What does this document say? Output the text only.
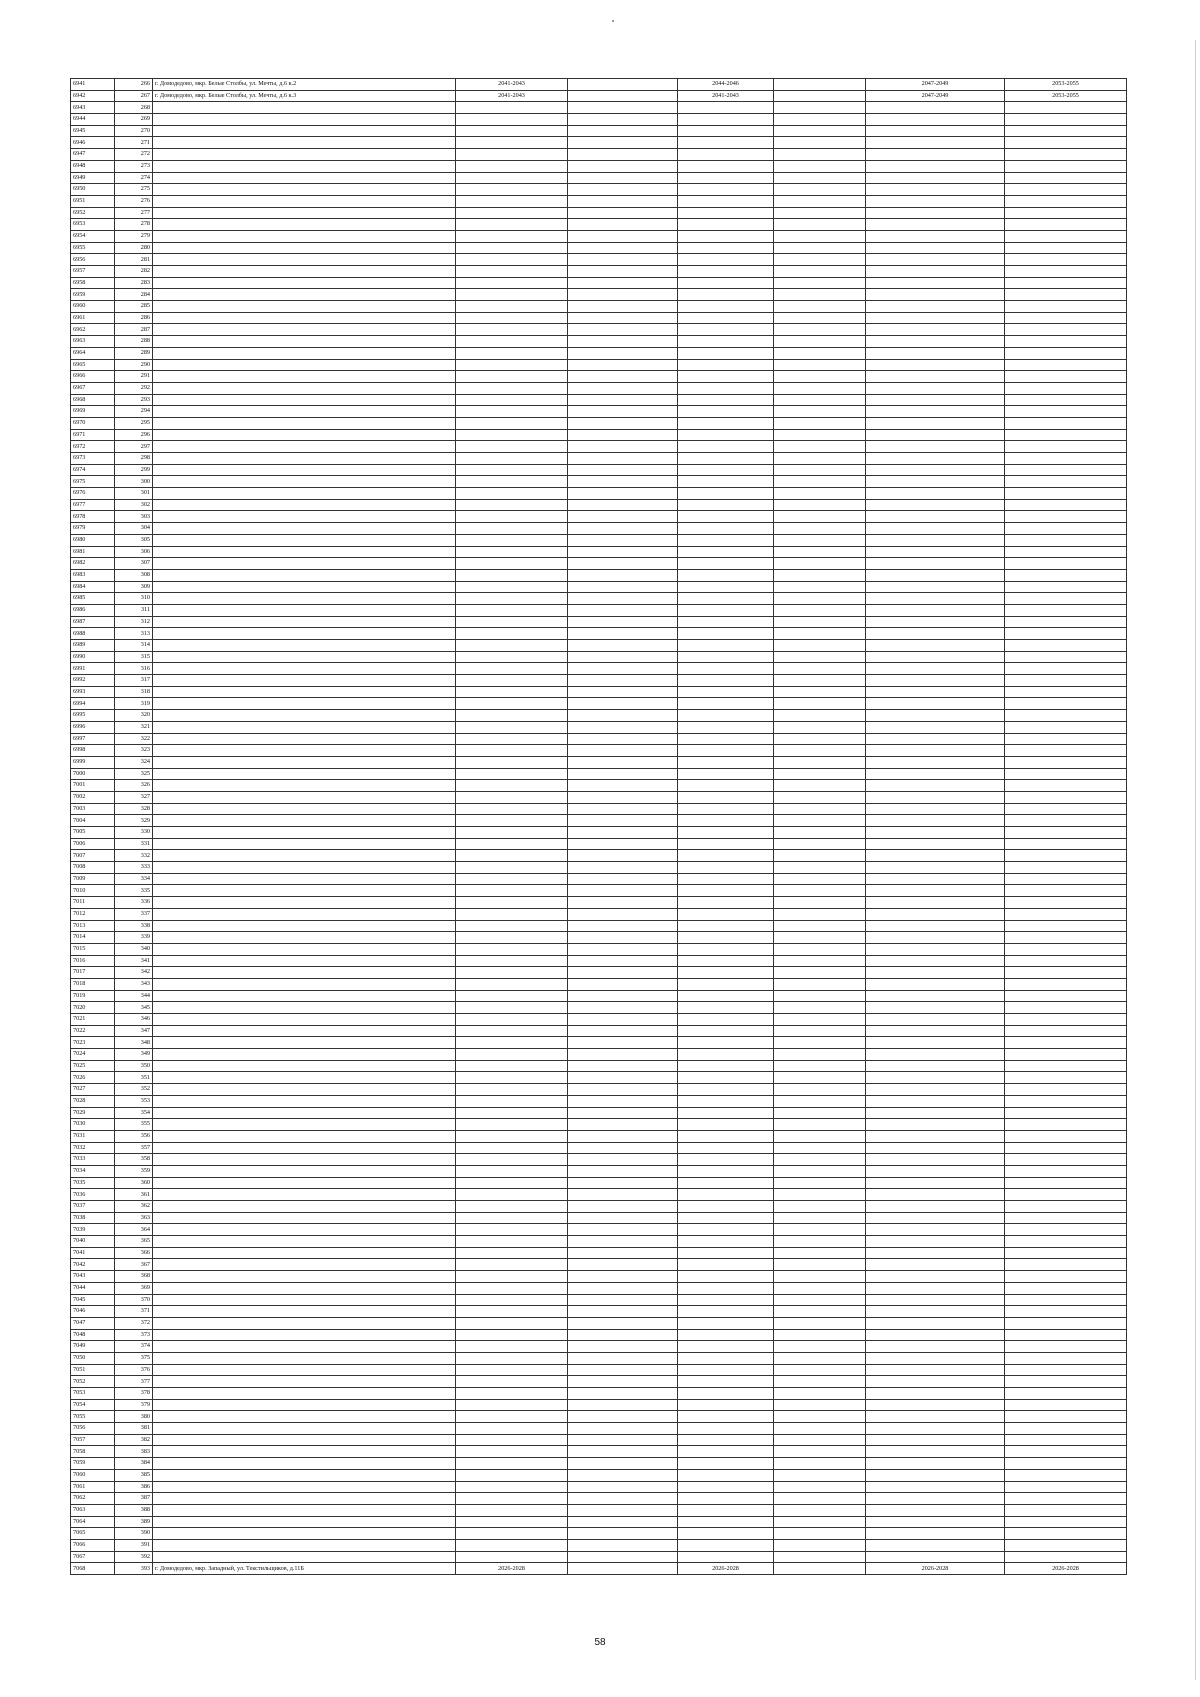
6941	266	г. Домодедово, мкр. Белые Столбы, ул. Мечты, д.6 к.2	2041-2043		2044-2046		2047-2049	2053-2055
6942	267	г. Домодедово, мкр. Белые Столбы, ул. Мечты, д.6 к.3	2041-2043		2041-2043		2047-2049	2053-2055
6943	268							
6944	269							
6945	270							
6946	271							
6947	272							
6948	273							
6949	274							
6950	275							
6951	276							
6952	277							
6953	278							
6954	279							
6955	280							
6956	281							
6957	282							
6958	283							
6959	284							
6960	285							
6961	286							
6962	287							
6963	288							
6964	289							
6965	290							
6966	291							
6967	292							
6968	293							
6969	294							
6970	295							
6971	296							
6972	297							
6973	298							
6974	299							
6975	300							
6976	301							
6977	302							
6978	303							
6979	304							
6980	305							
6981	306							
6982	307							
6983	308							
6984	309							
6985	310							
6986	311							
6987	312							
6988	313							
6989	314							
6990	315							
6991	316							
6992	317							
6993	318							
6994	319							
6995	320							
6996	321							
6997	322							
6998	323							
6999	324							
7000	325							
7001	326							
7002	327							
7003	328							
7004	329							
7005	330							
7006	331							
7007	332							
7008	333							
7009	334							
7010	335							
7011	336							
7012	337							
7013	338							
7014	339							
7015	340							
7016	341							
7017	342							
7018	343							
7019	344							
7020	345							
7021	346							
7022	347							
7023	348							
7024	349							
7025	350							
7026	351							
7027	352							
7028	353							
7029	354							
7030	355							
7031	356							
7032	357							
7033	358							
7034	359							
7035	360							
7036	361							
7037	362							
7038	363							
7039	364							
7040	365							
7041	366							
7042	367							
7043	368							
7044	369							
7045	370							
7046	371							
7047	372							
7048	373							
7049	374							
7050	375							
7051	376							
7052	377							
7053	378							
7054	379							
7055	380							
7056	381							
7057	382							
7058	383							
7059	384							
7060	385							
7061	386							
7062	387							
7063	388							
7064	389							
7065	390							
7066	391							
7067	392							
7068	393	г. Домодедово, мкр. Западный, ул. Текстильщиков, д.11Б	2026-2028		2026-2028		2026-2028	2026-2028
58
